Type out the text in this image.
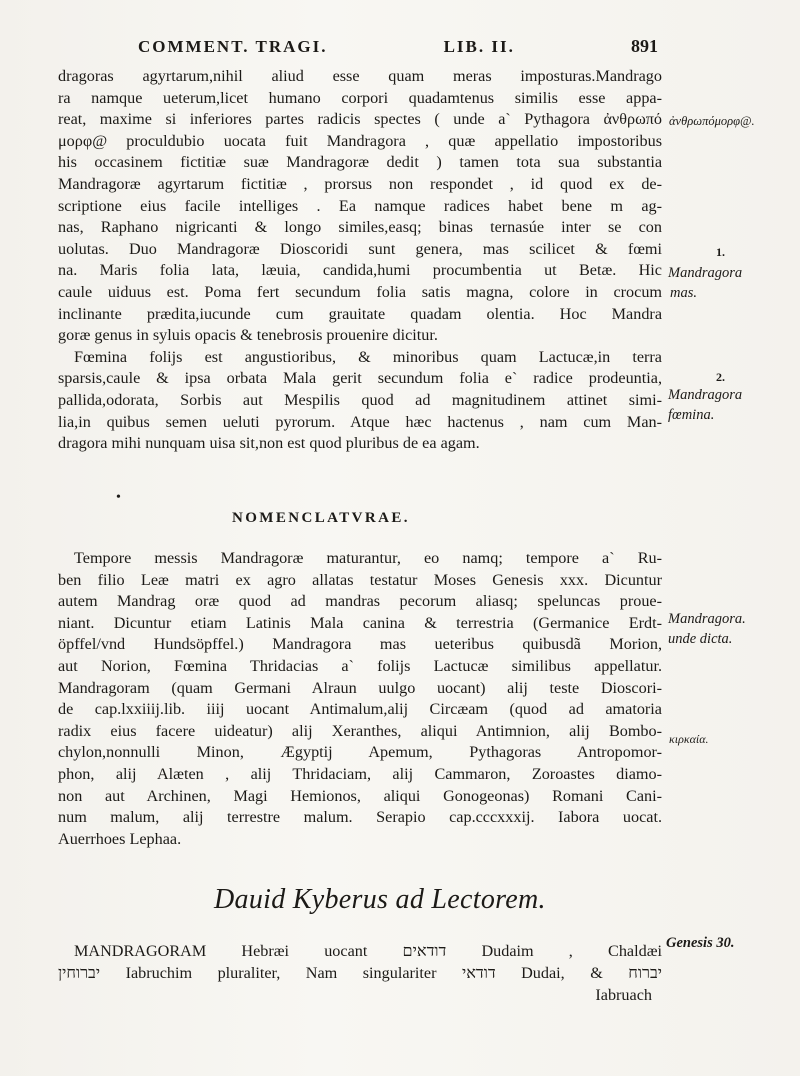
COMMENT. TRAGI.	LIB. II.	891
dragoras agyrtarum,nihil aliud esse quam meras imposturas.Mandrago
ra namque ueterum,licet humano corpori quadamtenus similis esse appa-
reat, maxime si inferiores partes radicis spectes ( unde a` Pythagora ἀνθρωπό
μορφ@ proculdubio uocata fuit Mandragora , quæ appellatio impostoribus
his occasinem fictitiæ suæ Mandragoræ dedit ) tamen tota sua substantia
Mandragoræ agyrtarum fictitiæ , prorsus non respondet , id quod ex de-
scriptione eius facile intelliges . Ea namque radices habet bene m ag-
nas, Raphano nigricanti & longo similes,easq; binas ternasúe inter se con
uolutas. Duo Mandragoræ Dioscoridi sunt genera, mas scilicet & fœmi
na. Maris folia lata, læuia, candida,humi procumbentia ut Betæ. Hic
caule uiduus est. Poma fert secundum folia satis magna, colore in crocum
inclinante prædita,iucunde cum grauitate quadam olentia. Hoc Mandra
goræ genus in syluis opacis & tenebrosis prouenire dicitur.
Fœmina folijs est angustioribus, & minoribus quam Lactucæ,in terra
sparsis,caule & ipsa orbata Mala gerit secundum folia e` radice prodeuntia,
pallida,odorata, Sorbis aut Mespilis quod ad magnitudinem attinet simi-
lia,in quibus semen ueluti pyrorum. Atque hæc hactenus , nam cum Man-
dragora mihi nunquam uisa sit,non est quod pluribus de ea agam.
•
NOMENCLATVRAE.
Tempore messis Mandragoræ maturantur, eo namq; tempore a` Ru-
ben filio Leæ matri ex agro allatas testatur Moses Genesis xxx. Dicuntur
autem Mandrag oræ quod ad mandras pecorum aliasq; speluncas proue-
niant. Dicuntur etiam Latinis Mala canina & terrestria (Germanice Erdt-
öpffel/vnd Hundsöpffel.) Mandragora mas ueteribus quibusdã Morion,
aut Norion, Fœmina Thridacias a` folijs Lactucæ similibus appellatur.
Mandragoram (quam Germani Alraun uulgo uocant) alij teste Dioscori-
de cap.lxxiiij.lib. iiij uocant Antimalum,alij Circæam (quod ad amatoria
radix eius facere uideatur) alij Xeranthes, aliqui Antimnion, alij Bombo-
chylon,nonnulli Minon, Ægyptij Apemum, Pythagoras Antropomor-
phon, alij Alæten , alij Thridaciam, alij Cammaron, Zoroastes diamo-
non aut Archinen, Magi Hemionos, aliqui Gonogeonas) Romani Cani-
num malum, alij terrestre malum. Serapio cap.cccxxxij. Iabora uocat.
Auerrhoes Lephaa.
Dauid Kyberus ad Lectorem.
MANDRAGORAM Hebræi uocant דודאים Dudaim , Chaldæi
יברוחין Iabruchim pluraliter, Nam singulariter דודאי Dudai, & יברוח
Iabruach
ἀνθρωπόμορφ@.
1.
Mandragora
mas.
2.
Mandragora
fœmina.
Mandragora.
unde dicta.
κιρκαία.
Genesis 30.
